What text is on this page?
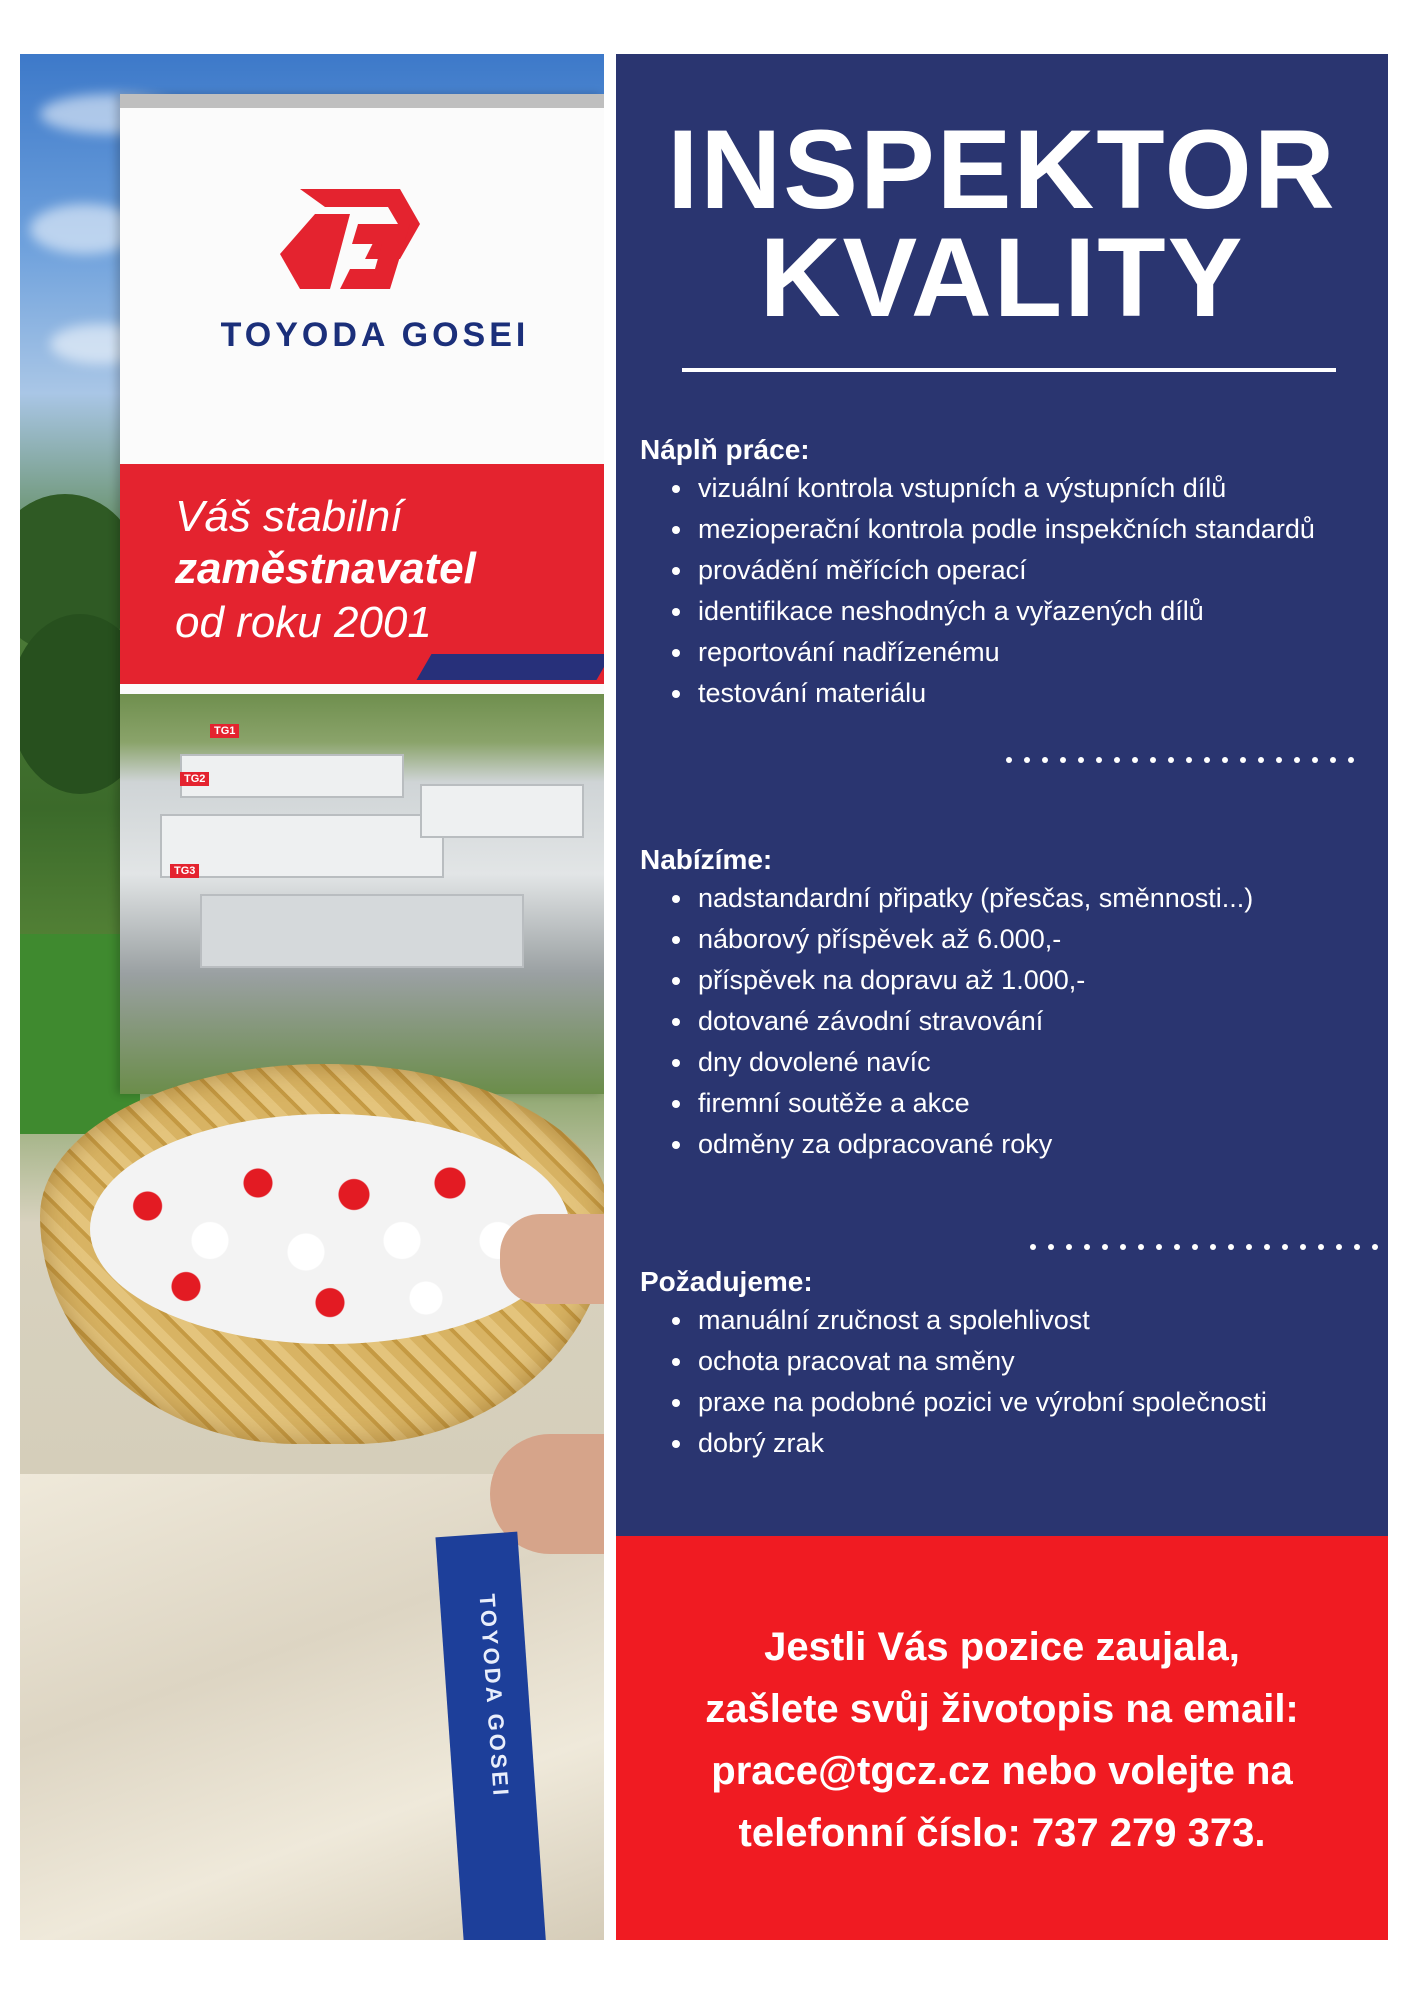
TOYODA GOSEI
Váš stabilní
zaměstnavatel
od roku 2001
TG1
TG2
TG3
TOYODA GOSEI
INSPEKTOR
KVALITY
Náplň práce:
vizuální kontrola vstupních a výstupních dílů
mezioperační kontrola podle inspekčních standardů
provádění měřících operací
identifikace neshodných a vyřazených dílů
reportování nadřízenému
testování materiálu
Nabízíme:
nadstandardní připatky (přesčas, směnnosti...)
náborový příspěvek až 6.000,-
příspěvek na dopravu až 1.000,-
dotované závodní stravování
dny dovolené navíc
firemní soutěže a akce
odměny za odpracované roky
Požadujeme:
manuální zručnost a spolehlivost
ochota pracovat na směny
praxe na podobné pozici ve výrobní společnosti
dobrý zrak
Jestli Vás pozice zaujala,
zašlete svůj životopis na email:
prace@tgcz.cz nebo volejte na
telefonní číslo: 737 279 373.
